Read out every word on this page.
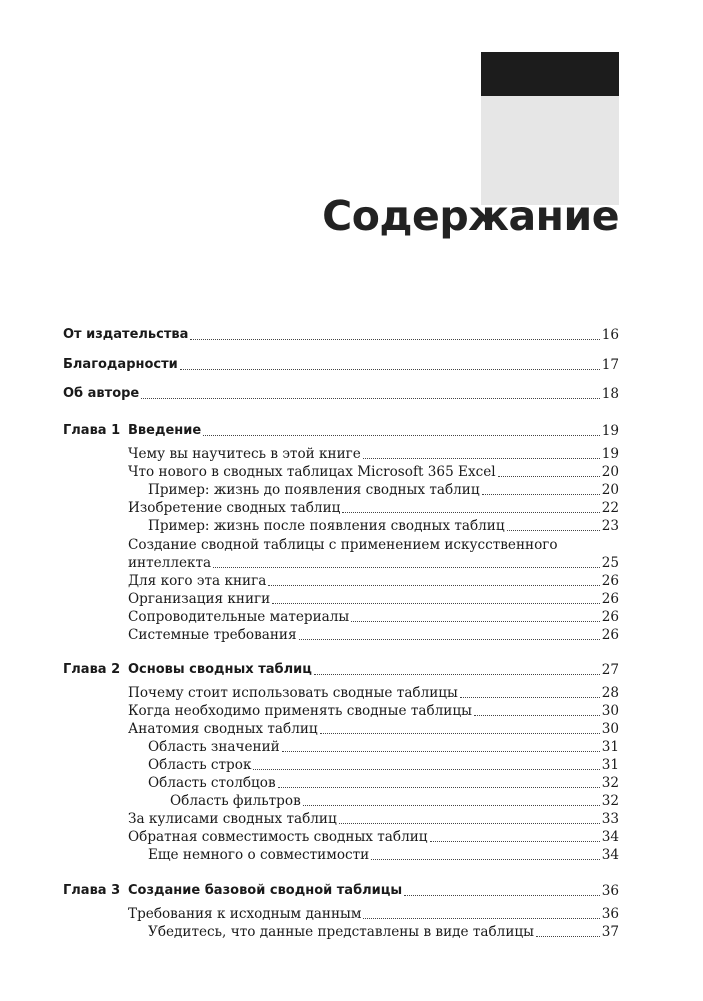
Содержание
От издательства	16
Благодарности	17
Об авторе	18
Глава 1 Введение	19
Чему вы научитесь в этой книге	19
Что нового в сводных таблицах Microsoft 365 Excel	20
Пример: жизнь до появления сводных таблиц	20
Изобретение сводных таблиц	22
Пример: жизнь после появления сводных таблиц	23
Создание сводной таблицы с применением искусственного
интеллекта	25
Для кого эта книга	26
Организация книги	26
Сопроводительные материалы	26
Системные требования	26
Глава 2 Основы сводных таблиц	27
Почему стоит использовать сводные таблицы	28
Когда необходимо применять сводные таблицы	30
Анатомия сводных таблиц	30
Область значений	31
Область строк	31
Область столбцов	32
Область фильтров	32
За кулисами сводных таблиц	33
Обратная совместимость сводных таблиц	34
Еще немного о совместимости	34
Глава 3 Создание базовой сводной таблицы	36
Требования к исходным данным	36
Убедитесь, что данные представлены в виде таблицы	37
